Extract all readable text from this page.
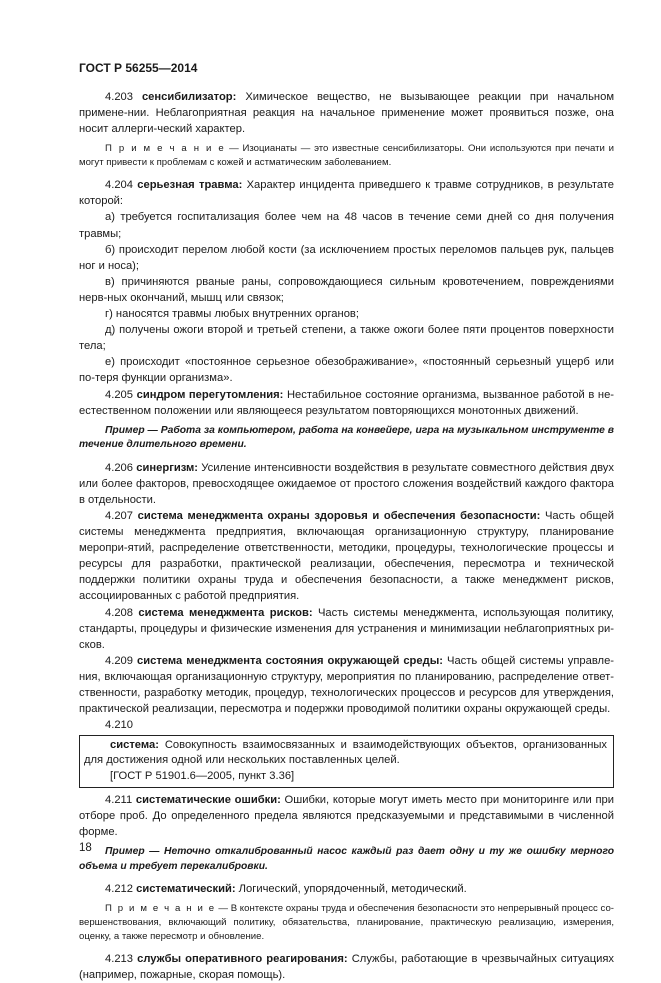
ГОСТ Р 56255—2014

4.203 сенсибилизатор: Химическое вещество, не вызывающее реакции при начальном примене-нии. Неблагоприятная реакция на начальное применение может проявиться позже, она носит аллерги-ческий характер.

П р и м е ч а н и е — Изоцианаты — это известные сенсибилизаторы. Они используются при печати и могут привести к проблемам с кожей и астматическим заболеванием.

4.204 серьезная травма: Характер инцидента приведшего к травме сотрудников, в результате которой:

а) требуется госпитализация более чем на 48 часов в течение семи дней со дня получения травмы;

б) происходит перелом любой кости (за исключением простых переломов пальцев рук, пальцев ног и носа);

в) причиняются рваные раны, сопровождающиеся сильным кровотечением, повреждениями нерв-ных окончаний, мышц или связок;

г) наносятся травмы любых внутренних органов;

д) получены ожоги второй и третьей степени, а также ожоги более пяти процентов поверхности тела;

е) происходит «постоянное серьезное обезображивание», «постоянный серьезный ущерб или по-теря функции организма».

4.205 синдром перегутомления: Нестабильное состояние организма, вызванное работой в не-естественном положении или являющееся результатом повторяющихся монотонных движений.

Пример — Работа за компьютером, работа на конвейере, игра на музыкальном инструменте в течение длительного времени.

4.206 синергизм: Усиление интенсивности воздействия в результате совместного действия двух или более факторов, превосходящее ожидаемое от простого сложения воздействий каждого фактора в отдельности.

4.207 система менеджмента охраны здоровья и обеспечения безопасности: Часть общей системы менеджмента предприятия, включающая организационную структуру, планирование меропри-ятий, распределение ответственности, методики, процедуры, технологические процессы и ресурсы для разработки, практической реализации, обеспечения, пересмотра и технической поддержки политики охраны труда и обеспечения безопасности, а также менеджмент рисков, ассоциированных с работой предприятия.

4.208 система менеджмента рисков: Часть системы менеджмента, использующая политику, стандарты, процедуры и физические изменения для устранения и минимизации неблагоприятных ри-сков.

4.209 система менеджмента состояния окружающей среды: Часть общей системы управле-ния, включающая организационную структуру, мероприятия по планированию, распределение ответ-ственности, разработку методик, процедур, технологических процессов и ресурсов для утверждения, практической реализации, пересмотра и подержки проводимой политики охраны окружающей среды.

4.210

система: Совокупность взаимосвязанных и взаимодействующих объектов, организованных для достижения одной или нескольких поставленных целей.

[ГОСТ Р 51901.6—2005, пункт 3.36]

4.211 систематические ошибки: Ошибки, которые могут иметь место при мониторинге или при отборе проб. До определенного предела являются предсказуемыми и представимыми в численной форме.

Пример — Неточно откалиброванный насос каждый раз дает одну и ту же ошибку мерного объема и требует перекалибровки.

4.212 систематический: Логический, упорядоченный, методический.

П р и м е ч а н и е — В контексте охраны труда и обеспечения безопасности это непрерывный процесс со-вершенствования, включающий политику, обязательства, планирование, практическую реализацию, измерения, оценку, а также пересмотр и обновление.

4.213 службы оперативного реагирования: Службы, работающие в чрезвычайных ситуациях (например, пожарные, скорая помощь).

18
